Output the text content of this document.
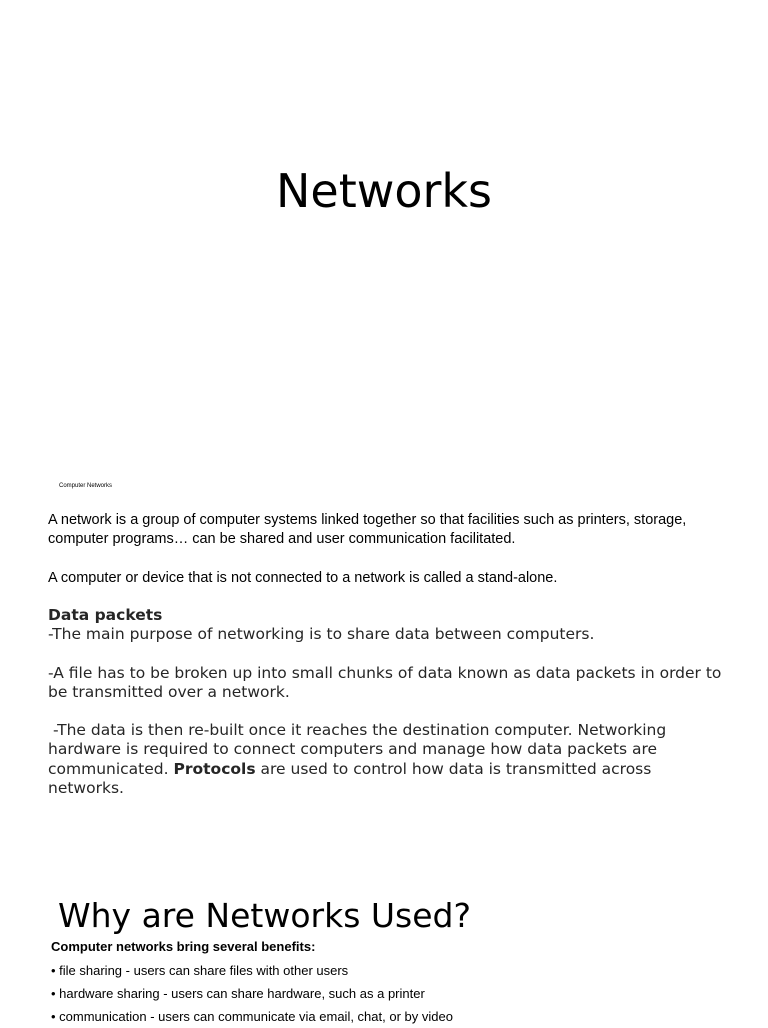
Networks
Computer Networks

A network is a group of computer systems linked together so that facilities such as printers, storage, computer programs… can be shared and user communication facilitated.

A computer or device that is not connected to a network is called a stand-alone.

Data packets

-The main purpose of networking is to share data between computers.

-A file has to be broken up into small chunks of data known as data packets in order to be transmitted over a network.

-The data is then re-built once it reaches the destination computer. Networking hardware is required to connect computers and manage how data packets are communicated. Protocols are used to control how data is transmitted across networks.

Why are Networks Used?
Computer networks bring several benefits:
• file sharing - users can share files with other users
• hardware sharing - users can share hardware, such as a printer
• communication - users can communicate via email, chat, or by video
